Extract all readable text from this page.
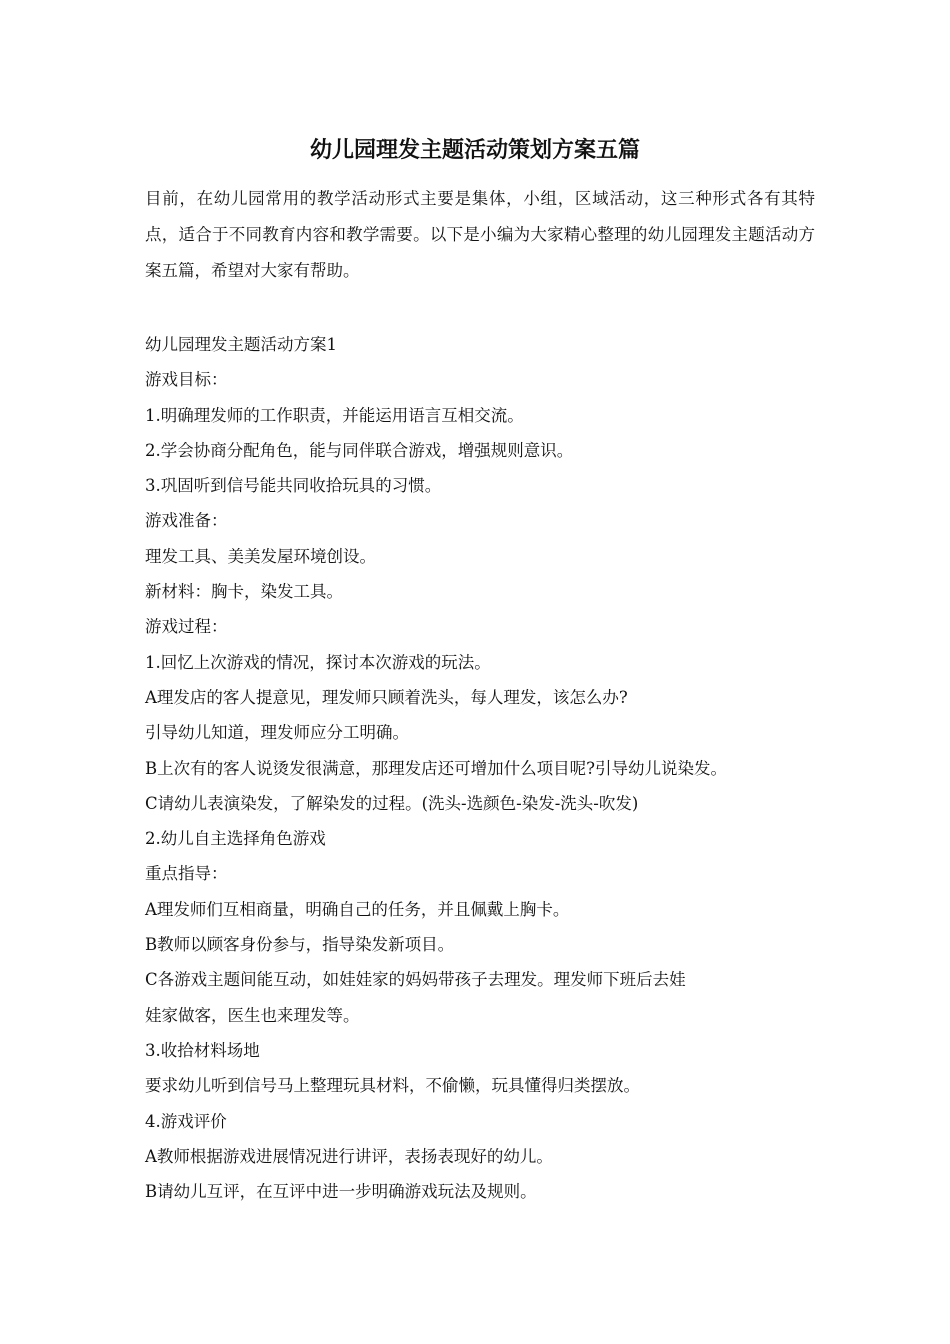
幼儿园理发主题活动策划方案五篇

目前，在幼儿园常用的教学活动形式主要是集体，小组，区域活动，这三种形式各有其特点，适合于不同教育内容和教学需要。以下是小编为大家精心整理的幼儿园理发主题活动方案五篇，希望对大家有帮助。

幼儿园理发主题活动方案1
游戏目标：
1.明确理发师的工作职责，并能运用语言互相交流。
2.学会协商分配角色，能与同伴联合游戏，增强规则意识。
3.巩固听到信号能共同收拾玩具的习惯。
游戏准备：
理发工具、美美发屋环境创设。
新材料：胸卡，染发工具。
游戏过程：
1.回忆上次游戏的情况，探讨本次游戏的玩法。
A理发店的客人提意见，理发师只顾着洗头，每人理发，该怎么办?
引导幼儿知道，理发师应分工明确。
B上次有的客人说烫发很满意，那理发店还可增加什么项目呢?引导幼儿说染发。
C请幼儿表演染发，了解染发的过程。(洗头-选颜色-染发-洗头-吹发)
2.幼儿自主选择角色游戏
重点指导：
A理发师们互相商量，明确自己的任务，并且佩戴上胸卡。
B教师以顾客身份参与，指导染发新项目。
C各游戏主题间能互动，如娃娃家的妈妈带孩子去理发。理发师下班后去娃
娃家做客，医生也来理发等。
3.收拾材料场地
要求幼儿听到信号马上整理玩具材料，不偷懒，玩具懂得归类摆放。
4.游戏评价
A教师根据游戏进展情况进行讲评，表扬表现好的幼儿。
B请幼儿互评，在互评中进一步明确游戏玩法及规则。
